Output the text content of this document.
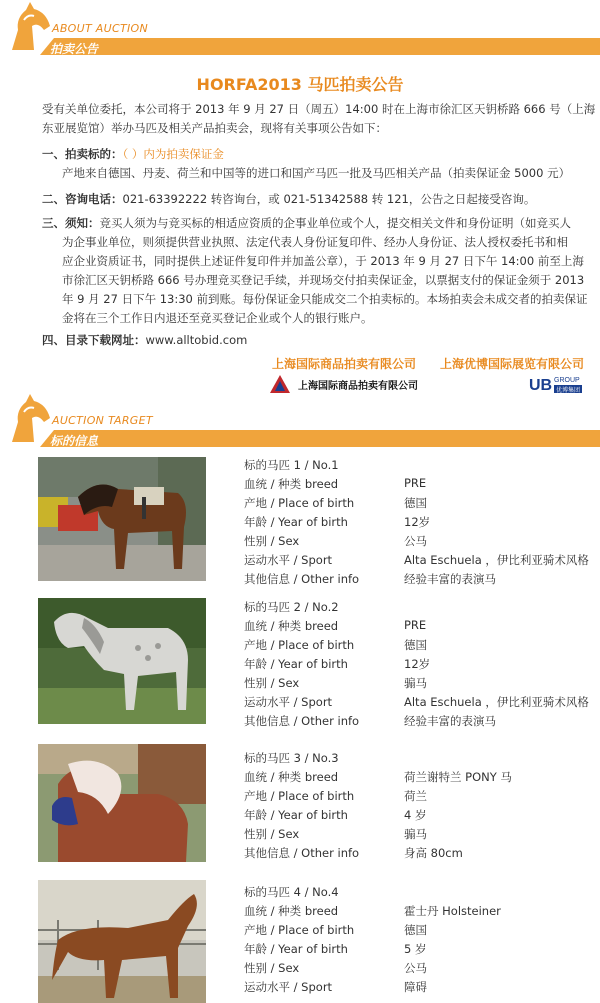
ABOUT AUCTION
拍卖公告
HORFA2013 马匹拍卖公告
受有关单位委托，本公司将于 2013 年 9 月 27 日（周五）14:00 时在上海市徐汇区天钥桥路 666 号（上海
东亚展览馆）举办马匹及相关产品拍卖会，现将有关事项公告如下：
一、拍卖标的：（ ）内为拍卖保证金
产地来自德国、丹麦、荷兰和中国等的进口和国产马匹一批及马匹相关产品（拍卖保证金 5000 元）
二、咨询电话：021-63392222 转咨询台，或 021-51342588 转 121，公告之日起接受咨询。
三、须知：竞买人须为与竞买标的相适应资质的企事业单位或个人，提交相关文件和身份证明（如竞买人
为企事业单位，则须提供营业执照、法定代表人身份证复印件、经办人身份证、法人授权委托书和相
应企业资质证书，同时提供上述证件复印件并加盖公章），于 2013 年 9 月 27 日下午 14:00 前至上海
市徐汇区天钥桥路 666 号办理竞买登记手续，并现场交付拍卖保证金，以票据支付的保证金须于 2013
年 9 月 27 日下午 13:30 前到账。每份保证金只能成交二个拍卖标的。本场拍卖会未成交者的拍卖保证
金将在三个工作日内退还至竞买登记企业或个人的银行账户。
四、目录下载网址：www.alltobid.com
上海国际商品拍卖有限公司 上海优博国际展览有限公司
上海国际商品拍卖有限公司	UB GROUP
优博集团
AUCTION TARGET
标的信息
标的马匹 1 / No.1
血统 / 种类 breed	PRE
产地 / Place of birth	德国
年龄 / Year of birth	12岁
性别 / Sex	公马
运动水平 / Sport	Alta Eschuela ，伊比利亚骑术风格
其他信息 / Other info	经验丰富的表演马
标的马匹 2 / No.2
血统 / 种类 breed	PRE
产地 / Place of birth	德国
年龄 / Year of birth	12岁
性别 / Sex	骟马
运动水平 / Sport	Alta Eschuela ，伊比利亚骑术风格
其他信息 / Other info	经验丰富的表演马
标的马匹 3 / No.3
血统 / 种类 breed	荷兰谢特兰 PONY 马
产地 / Place of birth	荷兰
年龄 / Year of birth	4 岁
性别 / Sex	骟马
其他信息 / Other info	身高 80cm
标的马匹 4 / No.4
血统 / 种类 breed	霍士丹 Holsteiner
产地 / Place of birth	德国
年龄 / Year of birth	5 岁
性别 / Sex	公马
运动水平 / Sport	障碍
